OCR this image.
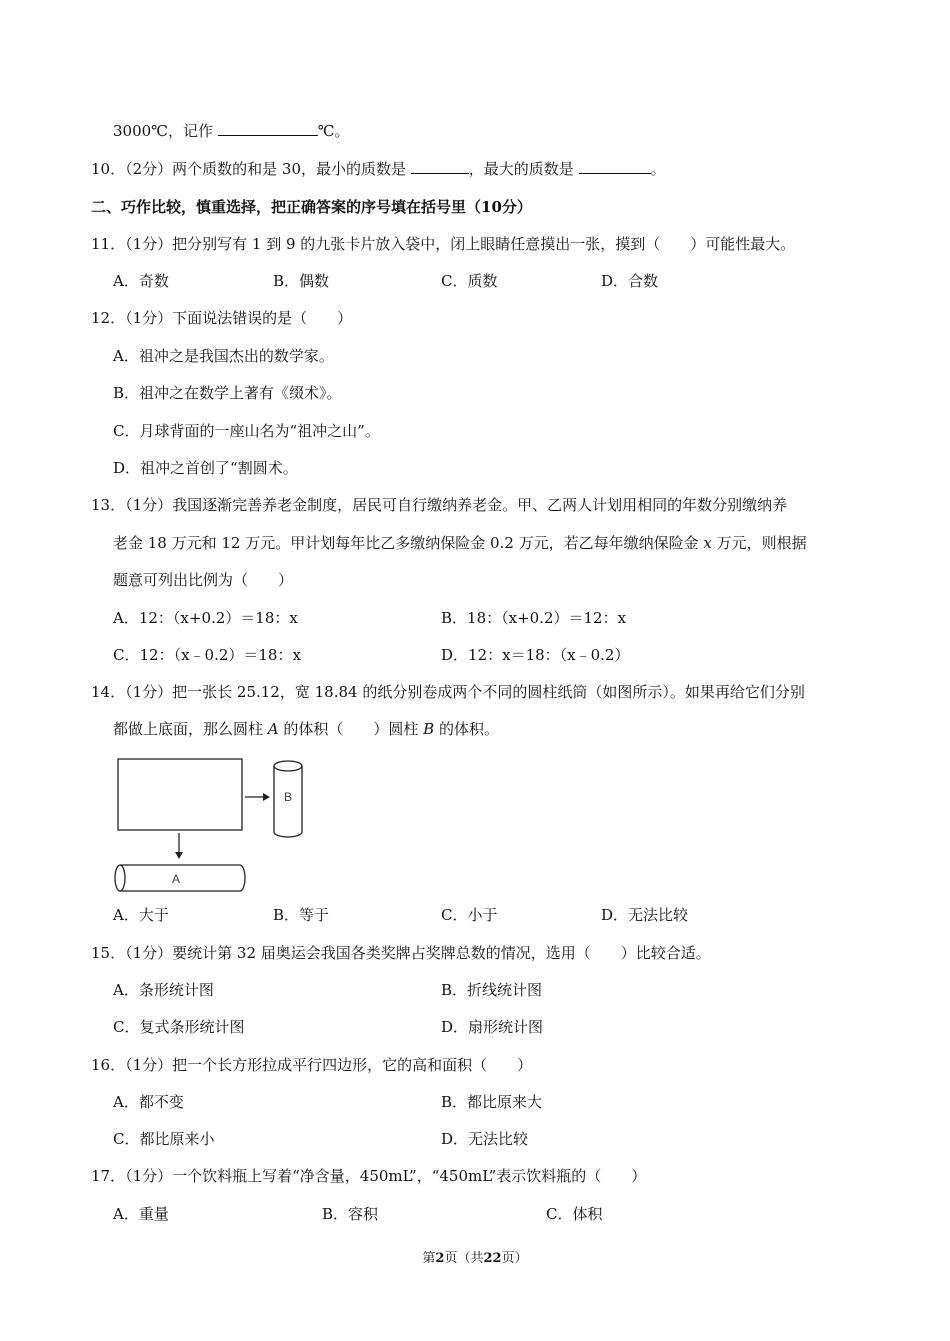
3000℃，记作	℃。
10．（2分）两个质数的和是 30，最小的质数是	，最大的质数是	。
二、巧作比较，慎重选择，把正确答案的序号填在括号里（10分）
11．（1分）把分别写有 1 到 9 的九张卡片放入袋中，闭上眼睛任意摸出一张，摸到（　　）可能性最大。
A．奇数	B．偶数	C．质数	D．合数
12．（1分）下面说法错误的是（　　）
A．祖冲之是我国杰出的数学家。
B．祖冲之在数学上著有《缀术》。
C．月球背面的一座山名为“祖冲之山”。
D．祖冲之首创了“割圆术。
13．（1分）我国逐渐完善养老金制度，居民可自行缴纳养老金。甲、乙两人计划用相同的年数分别缴纳养
老金 18 万元和 12 万元。甲计划每年比乙多缴纳保险金 0.2 万元，若乙每年缴纳保险金 x 万元，则根据
题意可列出比例为（　　）
A．12：（x+0.2）＝18：x	B．18：（x+0.2）＝12：x
C．12：（x﹣0.2）＝18：x	D．12：x＝18：（x﹣0.2）
14．（1分）把一张长 25.12，宽 18.84 的纸分别卷成两个不同的圆柱纸筒（如图所示）。如果再给它们分别
都做上底面，那么圆柱 A 的体积（　　）圆柱 B 的体积。
B
A
A．大于	B．等于	C．小于	D．无法比较
15．（1分）要统计第 32 届奥运会我国各类奖牌占奖牌总数的情况，选用（　　）比较合适。
A．条形统计图	B．折线统计图
C．复式条形统计图	D．扇形统计图
16．（1分）把一个长方形拉成平行四边形，它的高和面积（　　）
A．都不变	B．都比原来大
C．都比原来小	D．无法比较
17．（1分）一个饮料瓶上写着“净含量，450mL”，“450mL”表示饮料瓶的（　　）
A．重量	B．容积	C．体积
第2页（共22页）
